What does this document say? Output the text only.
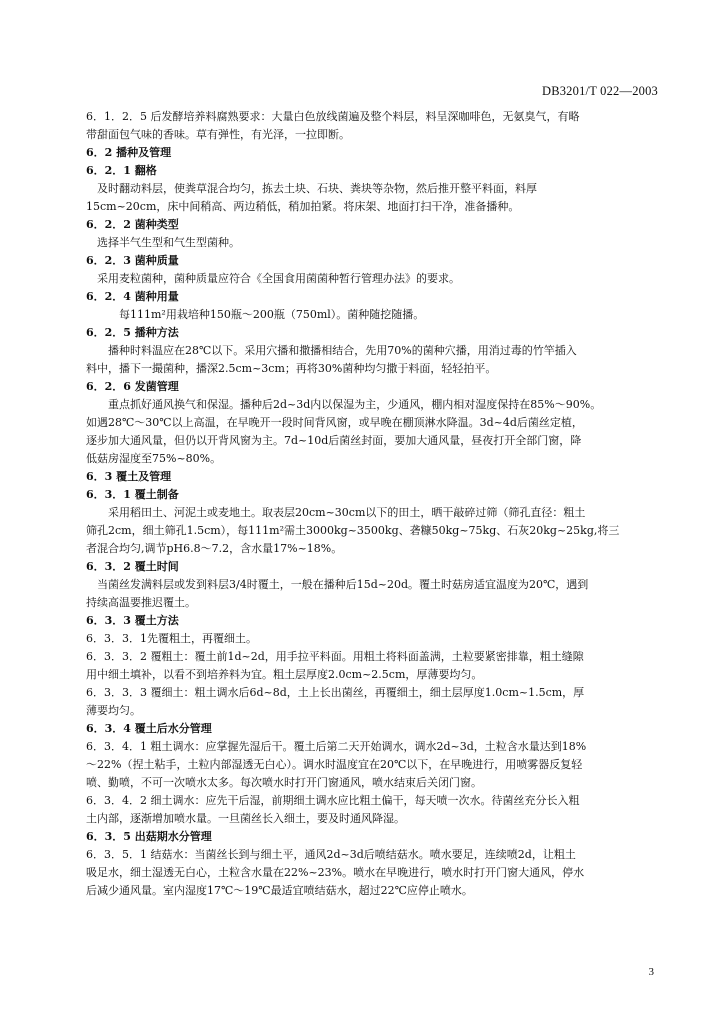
DB3201/T 022—2003
6．1．2．5 后发酵培养料腐熟要求：大量白色放线菌遍及整个料层，料呈深咖啡色，无氨臭气，有略
带甜面包气味的香味。草有弹性，有光泽，一拉即断。
6．2 播种及管理
6．2．1 翻格
及时翻动料层，使粪草混合均匀，拣去土块、石块、粪块等杂物，然后推开整平料面，料厚
15cm~20cm，床中间稍高、两边稍低，稍加拍紧。将床架、地面打扫干净，准备播种。
6．2．2 菌种类型
选择半气生型和气生型菌种。
6．2．3 菌种质量
采用麦粒菌种，菌种质量应符合《全国食用菌菌种暂行管理办法》的要求。
6．2．4 菌种用量
每111m²用栽培种150瓶～200瓶（750ml）。菌种随挖随播。
6．2．5 播种方法
播种时料温应在28℃以下。采用穴播和撒播相结合，先用70%的菌种穴播，用消过毒的竹竿插入
料中，播下一撮菌种，播深2.5cm~3cm；再将30%菌种均匀撒于料面，轻轻拍平。
6．2．6 发菌管理
重点抓好通风换气和保湿。播种后2d~3d内以保湿为主，少通风，棚内相对湿度保持在85%～90%。
如遇28℃～30℃以上高温，在早晚开一段时间背风窗，或早晚在棚顶淋水降温。3d~4d后菌丝定植，
逐步加大通风量，但仍以开背风窗为主。7d~10d后菌丝封面，要加大通风量，昼夜打开全部门窗，降
低菇房湿度至75%~80%。
6．3 覆土及管理
6．3．1 覆土制备
采用稻田土、河泥土或麦地土。取表层20cm~30cm以下的田土，晒干敲碎过筛（筛孔直径：粗土
筛孔2cm，细土筛孔1.5cm），每111m²需土3000kg~3500kg、砻糠50kg~75kg、石灰20kg~25kg,将三
者混合均匀,调节pH6.8～7.2，含水量17%~18%。
6．3．2 覆土时间
当菌丝发满料层或发到料层3/4时覆土，一般在播种后15d~20d。覆土时菇房适宜温度为20℃，遇到
持续高温要推迟覆土。
6．3．3 覆土方法
6．3．3．1先覆粗土，再覆细土。
6．3．3．2 覆粗土：覆土前1d~2d，用手拉平料面。用粗土将料面盖满，土粒要紧密排靠，粗土缝隙
用中细土填补，以看不到培养料为宜。粗土层厚度2.0cm~2.5cm，厚薄要均匀。
6．3．3．3 覆细土：粗土调水后6d~8d，土上长出菌丝，再覆细土，细土层厚度1.0cm~1.5cm，厚
薄要均匀。
6．3．4 覆土后水分管理
6．3．4．1 粗土调水：应掌握先湿后干。覆土后第二天开始调水，调水2d~3d，土粒含水量达到18%
～22%（捏土粘手，土粒内部湿透无白心）。调水时温度宜在20℃以下，在早晚进行，用喷雾器反复轻
喷、勤喷，不可一次喷水太多。每次喷水时打开门窗通风，喷水结束后关闭门窗。
6．3．4．2 细土调水：应先干后湿，前期细土调水应比粗土偏干，每天喷一次水。待菌丝充分长入粗
土内部，逐渐增加喷水量。一旦菌丝长入细土，要及时通风降湿。
6．3．5 出菇期水分管理
6．3．5．1 结菇水：当菌丝长到与细土平，通风2d~3d后喷结菇水。喷水要足，连续喷2d，让粗土
吸足水，细土湿透无白心，土粒含水量在22%~23%。喷水在早晚进行，喷水时打开门窗大通风，停水
后减少通风量。室内湿度17℃～19℃最适宜喷结菇水，超过22℃应停止喷水。
3
